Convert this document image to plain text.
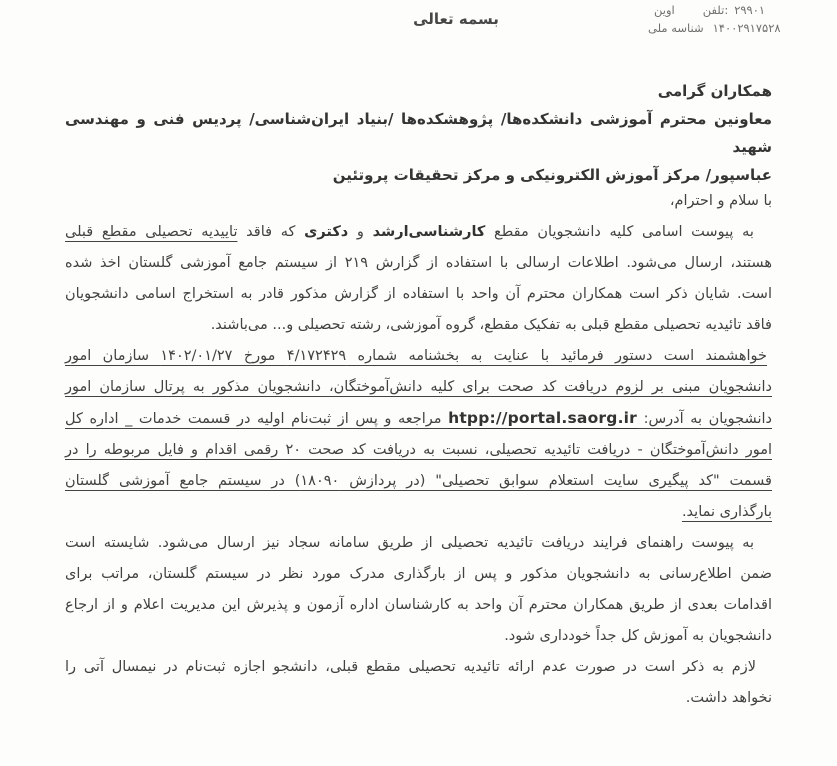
اوین تلفن: ۲۹۹۰۱
شناسه ملی ۱۴۰۰۲۹۱۷۵۲۸
بسمه تعالی
همکاران گرامی
معاونین محترم آموزشی دانشکده‌ها/ پژوهشکده‌ها /بنیاد ایران‌شناسی/ پردیس فنی و مهندسی شهید
عباسپور/ مرکز آموزش الکترونیکی و مرکز تحقیقات پروتئین
با سلام و احترام،
به پیوست اسامی کلیه دانشجویان مقطع کارشناسی‌ارشد و دکتری که فاقد تاییدیه تحصیلی مقطع قبلی
هستند، ارسال می‌شود. اطلاعات ارسالی با استفاده از گزارش ۲۱۹ از سیستم جامع آموزشی گلستان اخذ شده
است. شایان ذکر است همکاران محترم آن واحد با استفاده از گزارش مذکور قادر به استخراج اسامی دانشجویان
فاقد تائیدیه تحصیلی مقطع قبلی به تفکیک مقطع، گروه آموزشی، رشته تحصیلی و... می‌باشند.
خواهشمند است دستور فرمائید با عنایت به بخشنامه شماره ۴/۱۷۲۴۲۹ مورخ ۱۴۰۲/۰۱/۲۷ سازمان امور
دانشجویان مبنی بر لزوم دریافت کد صحت برای کلیه دانش‌آموختگان، دانشجویان مذکور به پرتال سازمان امور
دانشجویان به آدرس: htpp://portal.saorg.ir مراجعه و پس از ثبت‌نام اولیه در قسمت خدمات _ اداره کل
امور دانش‌آموختگان - دریافت تائیدیه تحصیلی، نسبت به دریافت کد صحت ۲۰ رقمی اقدام و فایل مربوطه را در
قسمت "کد پیگیری سایت استعلام سوابق تحصیلی" (در پردازش ۱۸۰۹۰) در سیستم جامع آموزشی گلستان
بارگذاری نماید.
به پیوست راهنمای فرایند دریافت تائیدیه تحصیلی از طریق سامانه سجاد نیز ارسال می‌شود. شایسته است
ضمن اطلاع‌رسانی به دانشجویان مذکور و پس از بارگذاری مدرک مورد نظر در سیستم گلستان، مراتب برای
اقدامات بعدی از طریق همکاران محترم آن واحد به کارشناسان اداره آزمون و پذیرش این مدیریت اعلام و از ارجاع
دانشجویان به آموزش کل جداً خودداری شود.
لازم به ذکر است در صورت عدم ارائه تائیدیه تحصیلی مقطع قبلی، دانشجو اجازه ثبت‌نام در نیمسال آتی را
نخواهد داشت.
